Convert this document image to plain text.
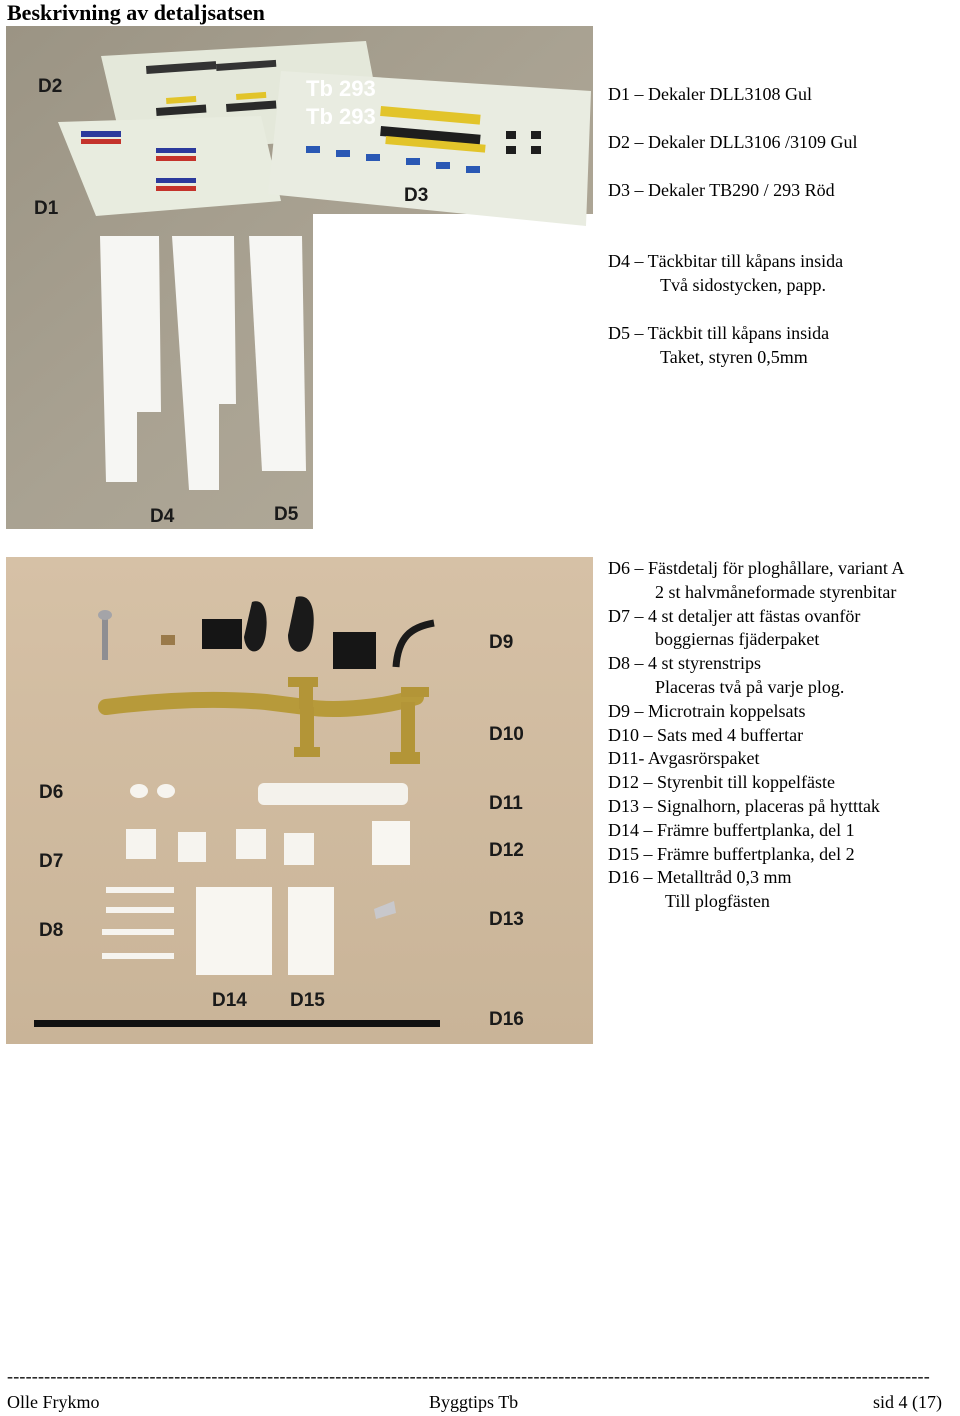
Beskrivning av detaljsatsen
Tb 293
Tb 293
D2
D1
D3
D4	D5
D9
D10
D6
D11
D7
D12
D8
D13
D14 D15
D16
D1 – Dekaler DLL3108 Gul
D2 – Dekaler DLL3106 /3109 Gul
D3 – Dekaler TB290 / 293 Röd
D4 – Täckbitar till kåpans insida
Två sidostycken, papp.
D5 – Täckbit till kåpans insida
Taket, styren 0,5mm
D6 – Fästdetalj för ploghållare, variant A
2 st halvmåneformade styrenbitar
D7 – 4 st detaljer att fästas ovanför
boggiernas fjäderpaket
D8 – 4 st styrenstrips
Placeras två på varje plog.
D9 – Microtrain koppelsats
D10 – Sats med 4 buffertar
D11- Avgasrörspaket
D12 – Styrenbit till koppelfäste
D13 – Signalhorn, placeras på hytttak
D14 – Främre buffertplanka, del 1
D15 – Främre buffertplanka, del 2
D16 – Metalltråd 0,3 mm
Till plogfästen
-----------------------------------------------------------------------------------------------------------------------------------------------------
Olle Frykmo	Byggtips Tb	sid 4 (17)
